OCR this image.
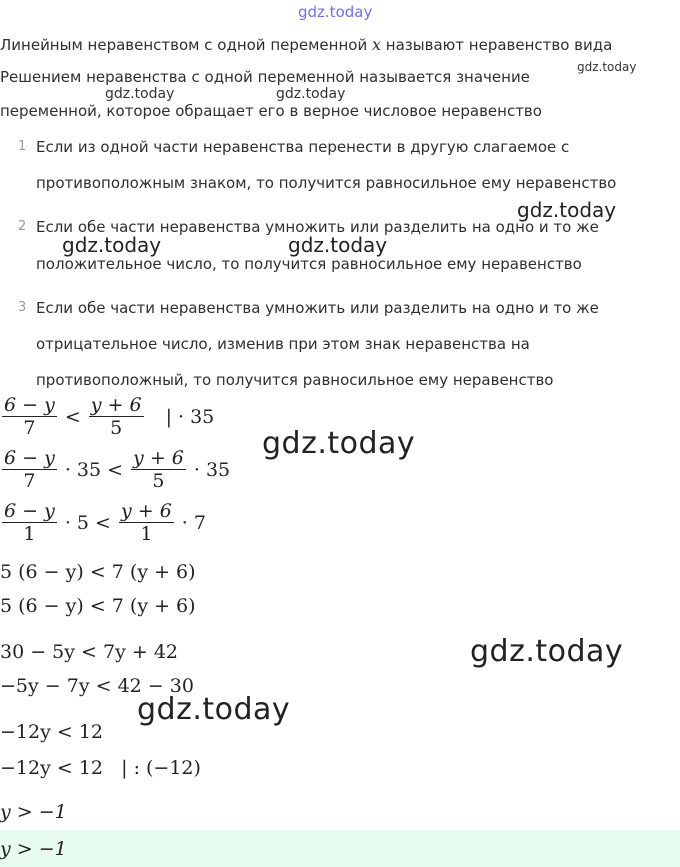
gdz.today
gdz.today
gdz.today	gdz.today
gdz.today
gdz.today	gdz.today
gdz.today
gdz.today
gdz.today
Линейным неравенством с одной переменной x называют неравенство вида
Решением неравенства с одной переменной называется значение
переменной, которое обращает его в верное числовое неравенство
1 Если из одной части неравенства перенести в другую слагаемое с
противоположным знаком, то получится равносильное ему неравенство
2 Если обе части неравенства умножить или разделить на одно и то же
положительное число, то получится равносильное ему неравенство
3 Если обе части неравенства умножить или разделить на одно и то же
отрицательное число, изменив при этом знак неравенства на
противоположный, то получится равносильное ему неравенство
$\frac{6 - y}{7} < \frac{y + 6}{5}$ | · 35
$\frac{6 - y}{7} \cdot 35 < \frac{y + 6}{5} \cdot 35$
$\frac{6 - y}{1} \cdot 5 < \frac{y + 6}{1} \cdot 7$
5 (6 − y) < 7 (y + 6)
5 (6 − y) < 7 (y + 6)
30 − 5y < 7y + 42
−5y − 7y < 42 − 30
−12y < 12
−12y < 12   | : (−12)
y > −1
y > −1
